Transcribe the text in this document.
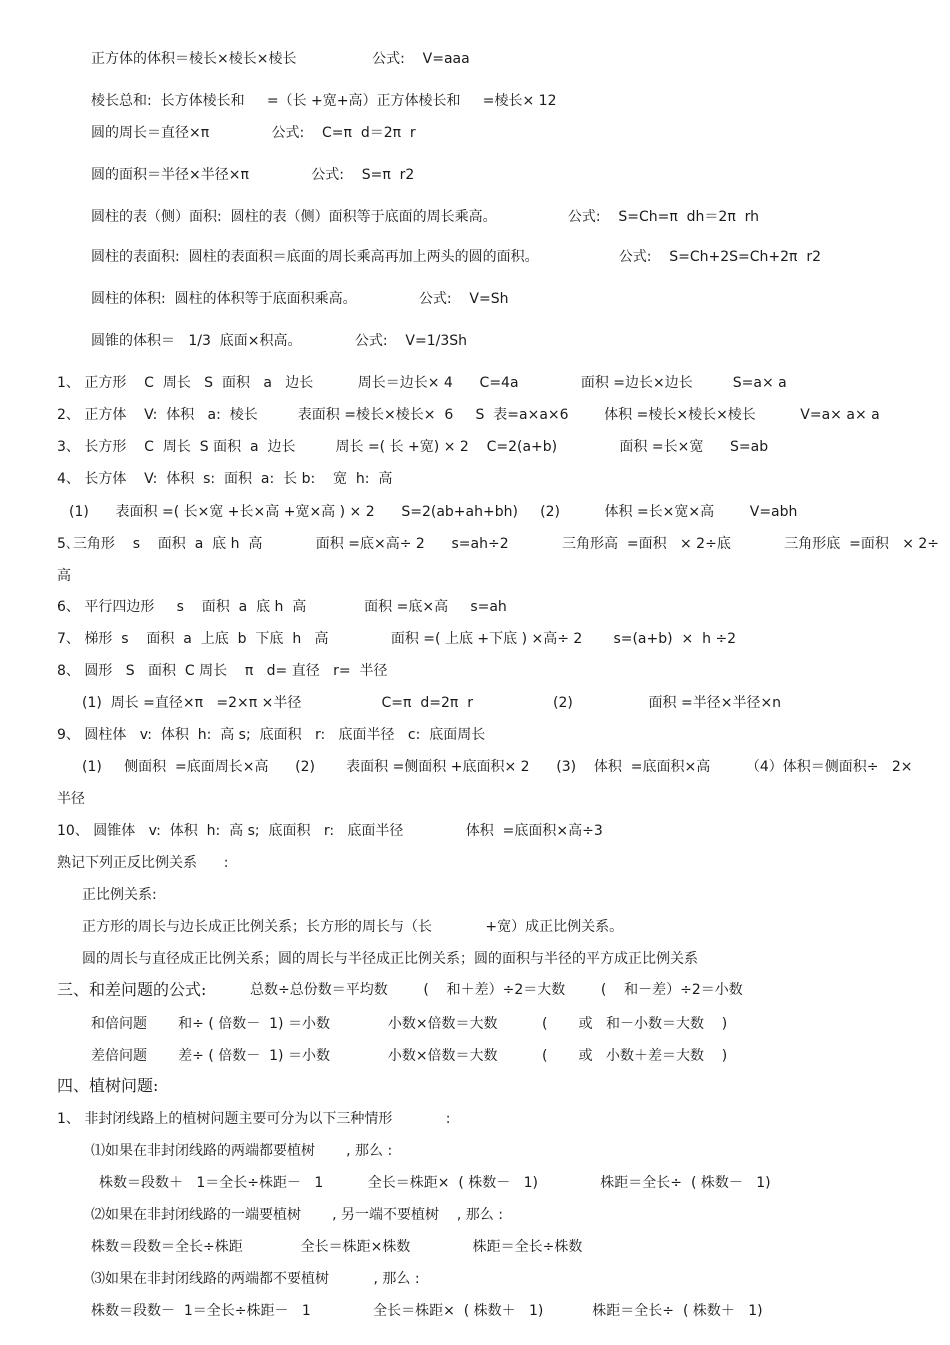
正方体的体积＝棱长×棱长×棱长                 公式:    V=aaa
棱长总和:  长方体棱长和     =（长 +宽+高）正方体棱长和     =棱长× 12
圆的周长＝直径×π              公式:    C=π  d＝2π  r
圆的面积＝半径×半径×π              公式:    S=π  r2
圆柱的表（侧）面积:  圆柱的表（侧）面积等于底面的周长乘高。                公式:    S=Ch=π  dh＝2π  rh
圆柱的表面积:  圆柱的表面积＝底面的周长乘高再加上两头的圆的面积。                  公式:    S=Ch+2S=Ch+2π  r2
圆柱的体积:  圆柱的体积等于底面积乘高。              公式:    V=Sh
圆锥的体积＝   1/3  底面×积高。            公式:    V=1/3Sh
1、 正方形    C  周长   S  面积   a   边长          周长＝边长× 4      C=4a              面积 =边长×边长         S=a× a
2、 正方体    V:  体积   a:  棱长         表面积 =棱长×棱长×  6     S  表=a×a×6        体积 =棱长×棱长×棱长          V=a× a× a
3、 长方形    C  周长  S 面积  a  边长         周长 =( 长 +宽) × 2    C=2(a+b)              面积 =长×宽      S=ab
4、 长方体    V:  体积  s:  面积  a:  长 b:    宽  h:  高
(1)      表面积 =( 长×宽 +长×高 +宽×高 ) × 2      S=2(ab+ah+bh)     (2)          体积 =长×宽×高        V=abh
5､三角形    s    面积  a  底 h  高            面积 =底×高÷ 2      s=ah÷2            三角形高  =面积   × 2÷底            三角形底  =面积   × 2÷
高
6、 平行四边形     s    面积  a  底 h  高             面积 =底×高     s=ah
7、 梯形  s    面积  a  上底  b  下底  h   高              面积 =( 上底 +下底 ) ×高÷ 2       s=(a+b)  ×  h ÷2
8、 圆形   S   面积  C 周长    π   d= 直径   r=  半径
(1)  周长 =直径×π   =2×π ×半径                  C=π  d=2π  r                  (2)                 面积 =半径×半径×n
9、 圆柱体   v:  体积  h:  高 s;  底面积   r:   底面半径   c:  底面周长
(1)     侧面积  =底面周长×高      (2)       表面积 =侧面积 +底面积× 2      (3)    体积  =底面积×高        （4）体积＝侧面积÷   2×
半径
10、 圆锥体   v:  体积  h:  高 s;  底面积   r:   底面半径              体积  =底面积×高÷3
熟记下列正反比例关系      :
正比例关系:
正方形的周长与边长成正比例关系；长方形的周长与（长            +宽）成正比例关系。
圆的周长与直径成正比例关系；圆的周长与半径成正比例关系；圆的面积与半径的平方成正比例关系
三、和差问题的公式:	总数÷总份数＝平均数        (    和＋差）÷2＝大数        (    和－差）÷2＝小数
和倍问题       和÷ ( 倍数－  1) ＝小数             小数×倍数＝大数          (       或   和－小数＝大数    )
差倍问题       差÷ ( 倍数－  1) ＝小数             小数×倍数＝大数          (       或   小数＋差＝大数    )
四、植树问题:
1、 非封闭线路上的植树问题主要可分为以下三种情形            :
⑴如果在非封闭线路的两端都要植树       , 那么 :
株数＝段数＋   1＝全长÷株距－   1          全长＝株距×  ( 株数－   1)              株距＝全长÷  ( 株数－   1)
⑵如果在非封闭线路的一端要植树       , 另一端不要植树    , 那么 :
株数＝段数＝全长÷株距             全长＝株距×株数              株距＝全长÷株数
⑶如果在非封闭线路的两端都不要植树          , 那么 :
株数＝段数－  1＝全长÷株距－   1              全长＝株距×  ( 株数＋   1)           株距＝全长÷  ( 株数＋   1)
